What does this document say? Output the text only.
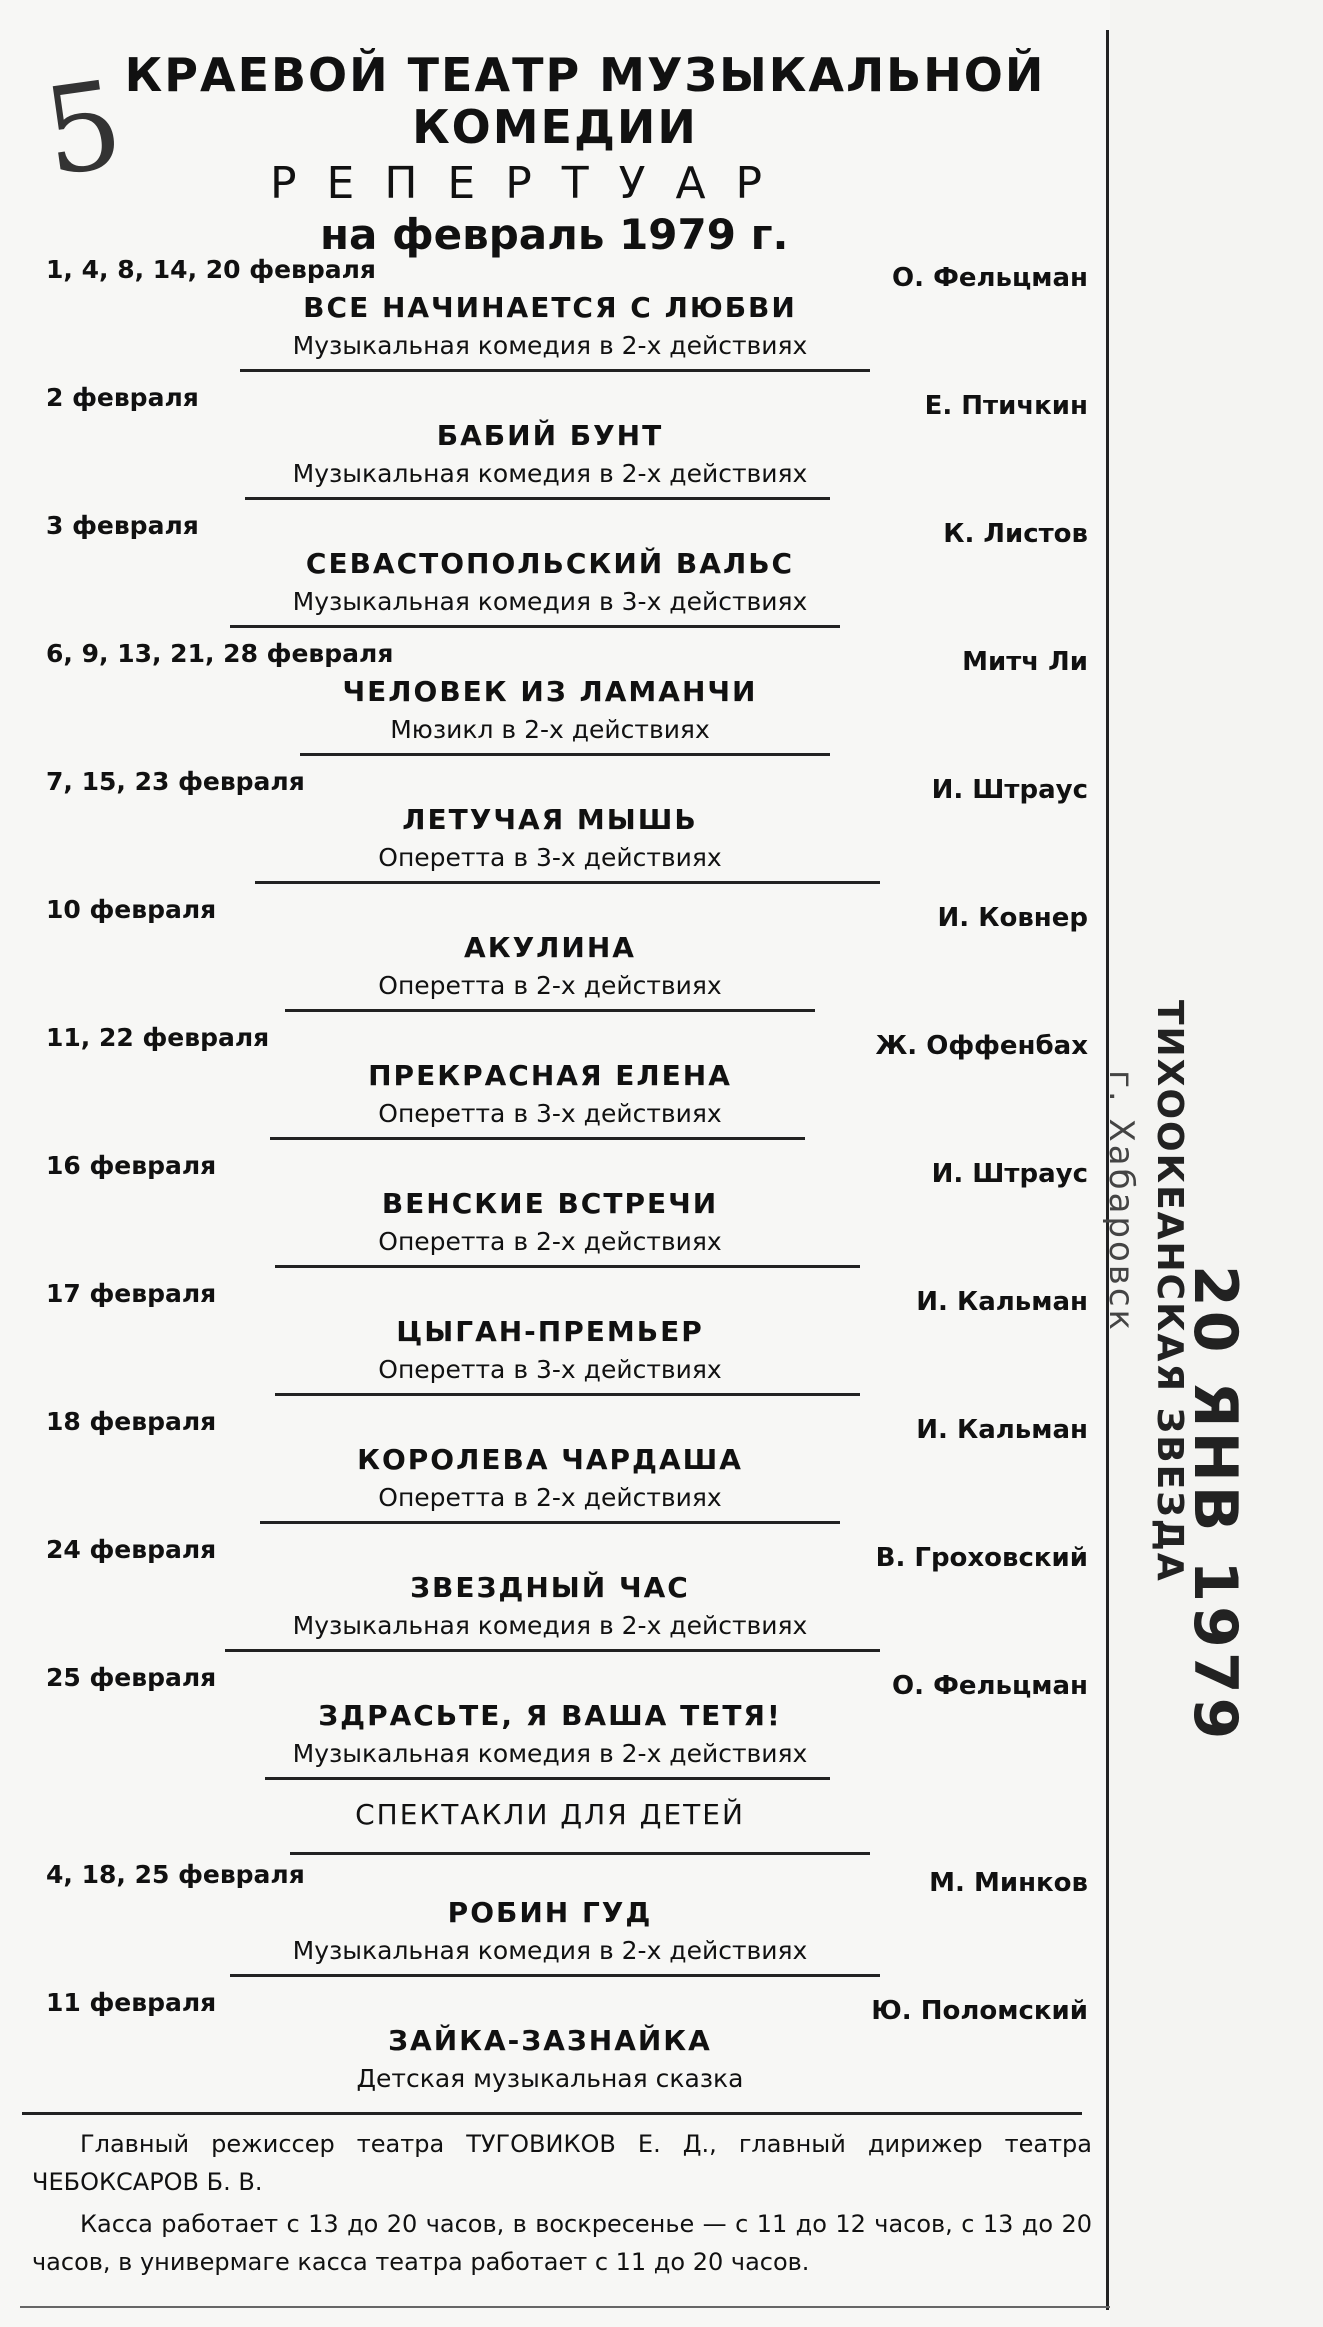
5
КРАЕВОЙ ТЕАТР МУЗЫКАЛЬНОЙ
КОМЕДИИ
РЕПЕРТУАР
на февраль 1979 г.
1, 4, 8, 14, 20 февраля	О. Фельцман
ВСЕ НАЧИНАЕТСЯ С ЛЮБВИ
Музыкальная комедия в 2-х действиях
2 февраля	Е. Птичкин
БАБИЙ БУНТ
Музыкальная комедия в 2-х действиях
3 февраля	К. Листов
СЕВАСТОПОЛЬСКИЙ ВАЛЬС
Музыкальная комедия в 3-х действиях
6, 9, 13, 21, 28 февраля	Митч Ли
ЧЕЛОВЕК ИЗ ЛАМАНЧИ
Мюзикл в 2-х действиях
7, 15, 23 февраля	И. Штраус
ЛЕТУЧАЯ МЫШЬ
Оперетта в 3-х действиях
10 февраля	И. Ковнер
АКУЛИНА
Оперетта в 2-х действиях
11, 22 февраля	Ж. Оффенбах
ПРЕКРАСНАЯ ЕЛЕНА
Оперетта в 3-х действиях
16 февраля	И. Штраус
ВЕНСКИЕ ВСТРЕЧИ
Оперетта в 2-х действиях
17 февраля	И. Кальман
ЦЫГАН-ПРЕМЬЕР
Оперетта в 3-х действиях
18 февраля	И. Кальман
КОРОЛЕВА ЧАРДАША
Оперетта в 2-х действиях
24 февраля	В. Гроховский
ЗВЕЗДНЫЙ ЧАС
Музыкальная комедия в 2-х действиях
25 февраля	О. Фельцман
ЗДРАСЬТЕ, Я ВАША ТЕТЯ!
Музыкальная комедия в 2-х действиях
СПЕКТАКЛИ ДЛЯ ДЕТЕЙ
4, 18, 25 февраля	М. Минков
РОБИН ГУД
Музыкальная комедия в 2-х действиях
11 февраля	Ю. Поломский
ЗАЙКА-ЗАЗНАЙКА
Детская музыкальная сказка

Главный режиссер театра ТУГОВИКОВ Е. Д., главный дирижер театра ЧЕБОКСАРОВ Б. В.

Касса работает с 13 до 20 часов, в воскресенье — с 11 до 12 часов, с 13 до 20 часов, в универмаге касса театра работает с 11 до 20 часов.

ТИХООКЕАНСКАЯ ЗВЕЗДА
г. Хабаровск
20 ЯНВ 1979
